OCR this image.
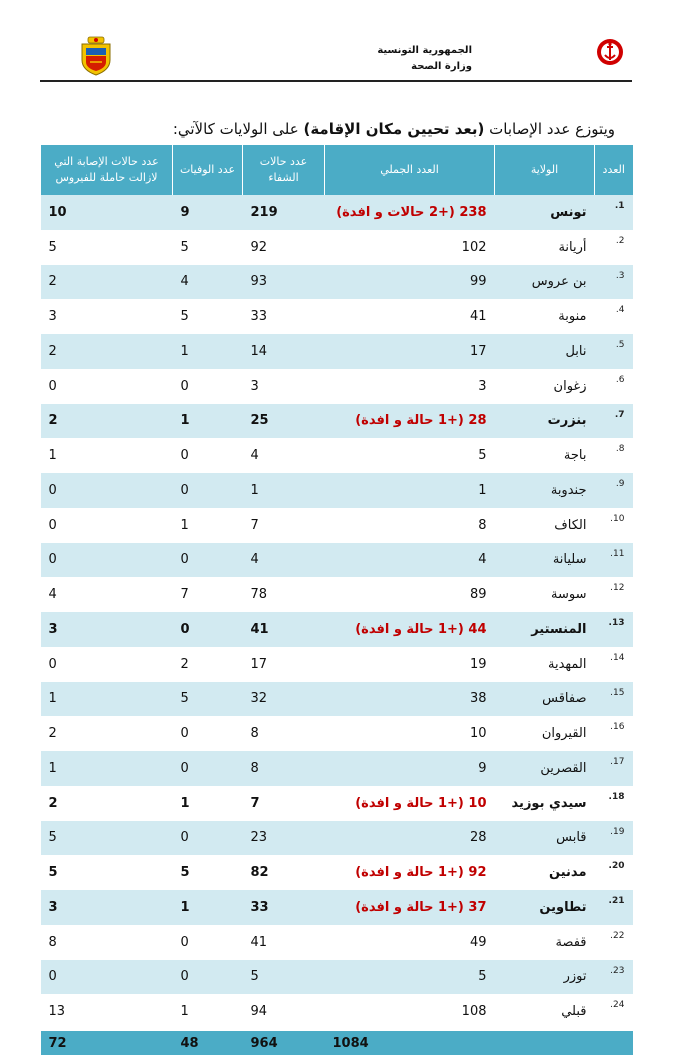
الجمهورية التونسية
وزارة الصحة
ويتوزع عدد الإصابات (بعد تحيين مكان الإقامة) على الولايات كالآتي:
العدد	الولاية	العدد الجملي	عدد حالات الشفاء	عدد الوفيات	عدد حالات الإصابة التي لازالت حاملة للفيروس
1.	تونس	238 (+2 حالات و افدة)	219	9	10
2.	أريانة	102	92	5	5
3.	بن عروس	99	93	4	2
4.	منوبة	41	33	5	3
5.	نابل	17	14	1	2
6.	زغوان	3	3	0	0
7.	بنزرت	28 (+1 حالة و افدة)	25	1	2
8.	باجة	5	4	0	1
9.	جندوبة	1	1	0	0
10.	الكاف	8	7	1	0
11.	سليانة	4	4	0	0
12.	سوسة	89	78	7	4
13.	المنستير	44 (+1 حالة و افدة)	41	0	3
14.	المهدية	19	17	2	0
15.	صفاقس	38	32	5	1
16.	القيروان	10	8	0	2
17.	القصرين	9	8	0	1
18.	سيدي بوزيد	10 (+1 حالة و افدة)	7	1	2
19.	قابس	28	23	0	5
20.	مدنين	92 (+1 حالة و افدة)	82	5	5
21.	تطاوين	37 (+1 حالة و افدة)	33	1	3
22.	قفصة	49	41	0	8
23.	توزر	5	5	0	0
24.	قبلي	108	94	1	13
		1084	964	48	72
